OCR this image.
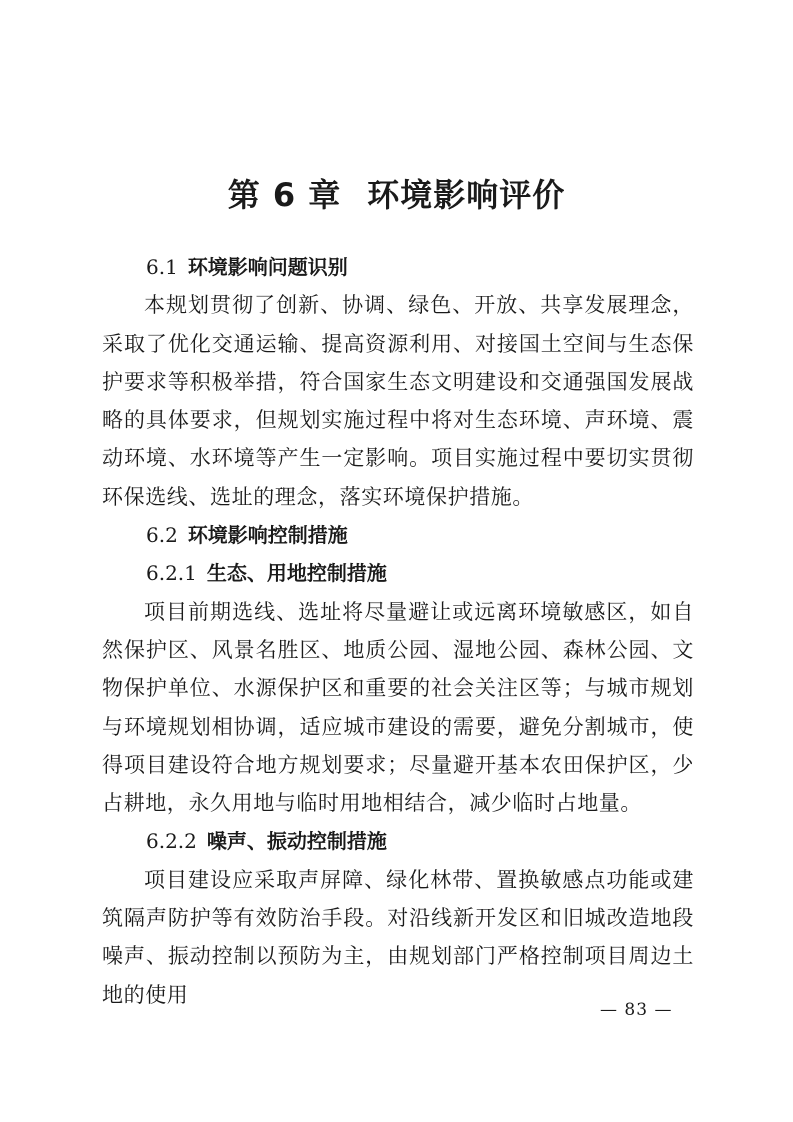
第 6 章 环境影响评价

6.1 环境影响问题识别

本规划贯彻了创新、协调、绿色、开放、共享发展理念，采取了优化交通运输、提高资源利用、对接国土空间与生态保护要求等积极举措，符合国家生态文明建设和交通强国发展战略的具体要求，但规划实施过程中将对生态环境、声环境、震动环境、水环境等产生一定影响。项目实施过程中要切实贯彻环保选线、选址的理念，落实环境保护措施。

6.2 环境影响控制措施

6.2.1 生态、用地控制措施

项目前期选线、选址将尽量避让或远离环境敏感区，如自然保护区、风景名胜区、地质公园、湿地公园、森林公园、文物保护单位、水源保护区和重要的社会关注区等；与城市规划与环境规划相协调，适应城市建设的需要，避免分割城市，使得项目建设符合地方规划要求；尽量避开基本农田保护区，少占耕地，永久用地与临时用地相结合，减少临时占地量。

6.2.2 噪声、振动控制措施

项目建设应采取声屏障、绿化林带、置换敏感点功能或建筑隔声防护等有效防治手段。对沿线新开发区和旧城改造地段噪声、振动控制以预防为主，由规划部门严格控制项目周边土地的使用

— 83 —
